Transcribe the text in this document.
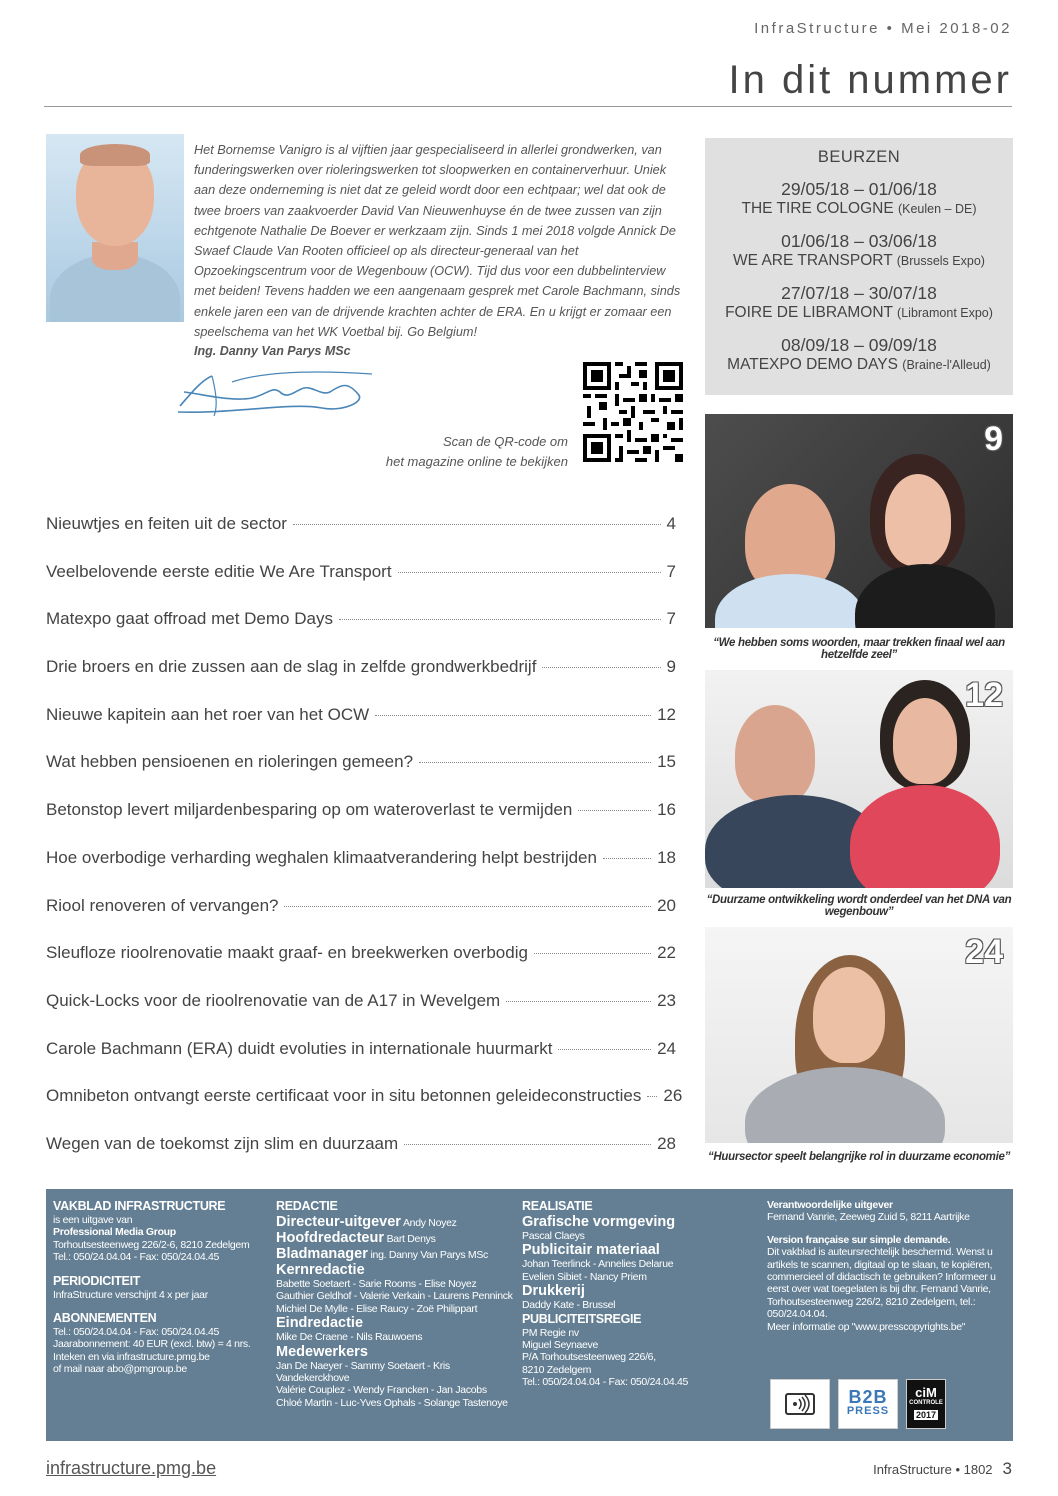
InfraStructure • Mei 2018-02
In dit nummer

Het Bornemse Vanigro is al vijftien jaar gespecialiseerd in allerlei grondwerken, van funderingswerken over rioleringswerken tot sloopwerken en containerverhuur. Uniek aan deze onderneming is niet dat ze geleid wordt door een echtpaar; wel dat ook de twee broers van zaakvoerder David Van Nieuwenhuyse én de twee zussen van zijn echtgenote Nathalie De Boever er werkzaam zijn. Sinds 1 mei 2018 volgde Annick De Swaef Claude Van Rooten officieel op als directeur-generaal van het Opzoekingscentrum voor de Wegenbouw (OCW). Tijd dus voor een dubbelinterview met beiden! Tevens hadden we een aangenaam gesprek met Carole Bachmann, sinds enkele jaren een van de drijvende krachten achter de ERA. En u krijgt er zomaar een speelschema van het WK Voetbal bij. Go Belgium!

Ing. Danny Van Parys MSc
Scan de QR-code om
het magazine online te bekijken
BEURZEN
29/05/18 – 01/06/18
THE TIRE COLOGNE (Keulen – DE)
01/06/18 – 03/06/18
WE ARE TRANSPORT (Brussels Expo)
27/07/18 – 30/07/18
FOIRE DE LIBRAMONT (Libramont Expo)
08/09/18 – 09/09/18
MATEXPO DEMO DAYS (Braine-l'Alleud)
9
“We hebben soms woorden, maar trekken finaal wel aan hetzelfde zeel”
12
“Duurzame ontwikkeling wordt onderdeel van het DNA van wegenbouw”
24
“Huursector speelt belangrijke rol in duurzame economie”
Nieuwtjes en feiten uit de sector	4
Veelbelovende eerste editie We Are Transport	7
Matexpo gaat offroad met Demo Days	7
Drie broers en drie zussen aan de slag in zelfde grondwerkbedrijf	9
Nieuwe kapitein aan het roer van het OCW	12
Wat hebben pensioenen en rioleringen gemeen?	15
Betonstop levert miljardenbesparing op om wateroverlast te vermijden	16
Hoe overbodige verharding weghalen klimaatverandering helpt bestrijden	18
Riool renoveren of vervangen?	20
Sleufloze rioolrenovatie maakt graaf- en breekwerken overbodig	22
Quick-Locks voor de rioolrenovatie van de A17 in Wevelgem	23
Carole Bachmann (ERA) duidt evoluties in internationale huurmarkt	24
Omnibeton ontvangt eerste certificaat voor in situ betonnen geleideconstructies 26
Wegen van de toekomst zijn slim en duurzaam	28
VAKBLAD INFRASTRUCTURE
is een uitgave van
Professional Media Group
Torhoutsesteenweg 226/2-6, 8210 Zedelgem
Tel.: 050/24.04.04 - Fax: 050/24.04.45
PERIODICITEIT
InfraStructure verschijnt 4 x per jaar
ABONNEMENTEN
Tel.: 050/24.04.04 - Fax: 050/24.04.45
Jaarabonnement: 40 EUR (excl. btw) = 4 nrs.
Inteken en via infrastructure.pmg.be
of mail naar abo@pmgroup.be
REDACTIE
Directeur-uitgever Andy Noyez
Hoofdredacteur Bart Denys
Bladmanager ing. Danny Van Parys MSc
Kernredactie
Babette Soetaert - Sarie Rooms - Elise Noyez
Gauthier Geldhof - Valerie Verkain - Laurens Penninck
Michiel De Mylle - Elise Raucy - Zoë Philippart
Eindredactie
Mike De Craene - Nils Rauwoens
Medewerkers
Jan De Naeyer - Sammy Soetaert - Kris Vandekerckhove
Valérie Couplez - Wendy Francken - Jan Jacobs
Chloé Martin - Luc-Yves Ophals - Solange Tastenoye
REALISATIE
Grafische vormgeving
Pascal Claeys
Publicitair materiaal
Johan Teerlinck - Annelies Delarue
Evelien Sibiet - Nancy Priem
Drukkerij
Daddy Kate - Brussel
PUBLICITEITSREGIE
PM Regie nv
Miguel Seynaeve
P/A Torhoutsesteenweg 226/6,
8210 Zedelgem
Tel.: 050/24.04.04 - Fax: 050/24.04.45
Verantwoordelijke uitgever
Fernand Vanrie, Zeeweg Zuid 5, 8211 Aartrijke
Version française sur simple demande.
Dit vakblad is auteursrechtelijk beschermd. Wenst u artikels te scannen, digitaal op te slaan, te kopiëren, commercieel of didactisch te gebruiken? Informeer u eerst over wat toegelaten is bij dhr. Fernand Vanrie, Torhoutsesteenweg 226/2, 8210 Zedelgem, tel.: 050/24.04.04.
Meer informatie op "www.presscopyrights.be"
B2B
PRESS
ciM
CONTROLE
2017
infrastructure.pmg.be	InfraStructure • 1802 3
